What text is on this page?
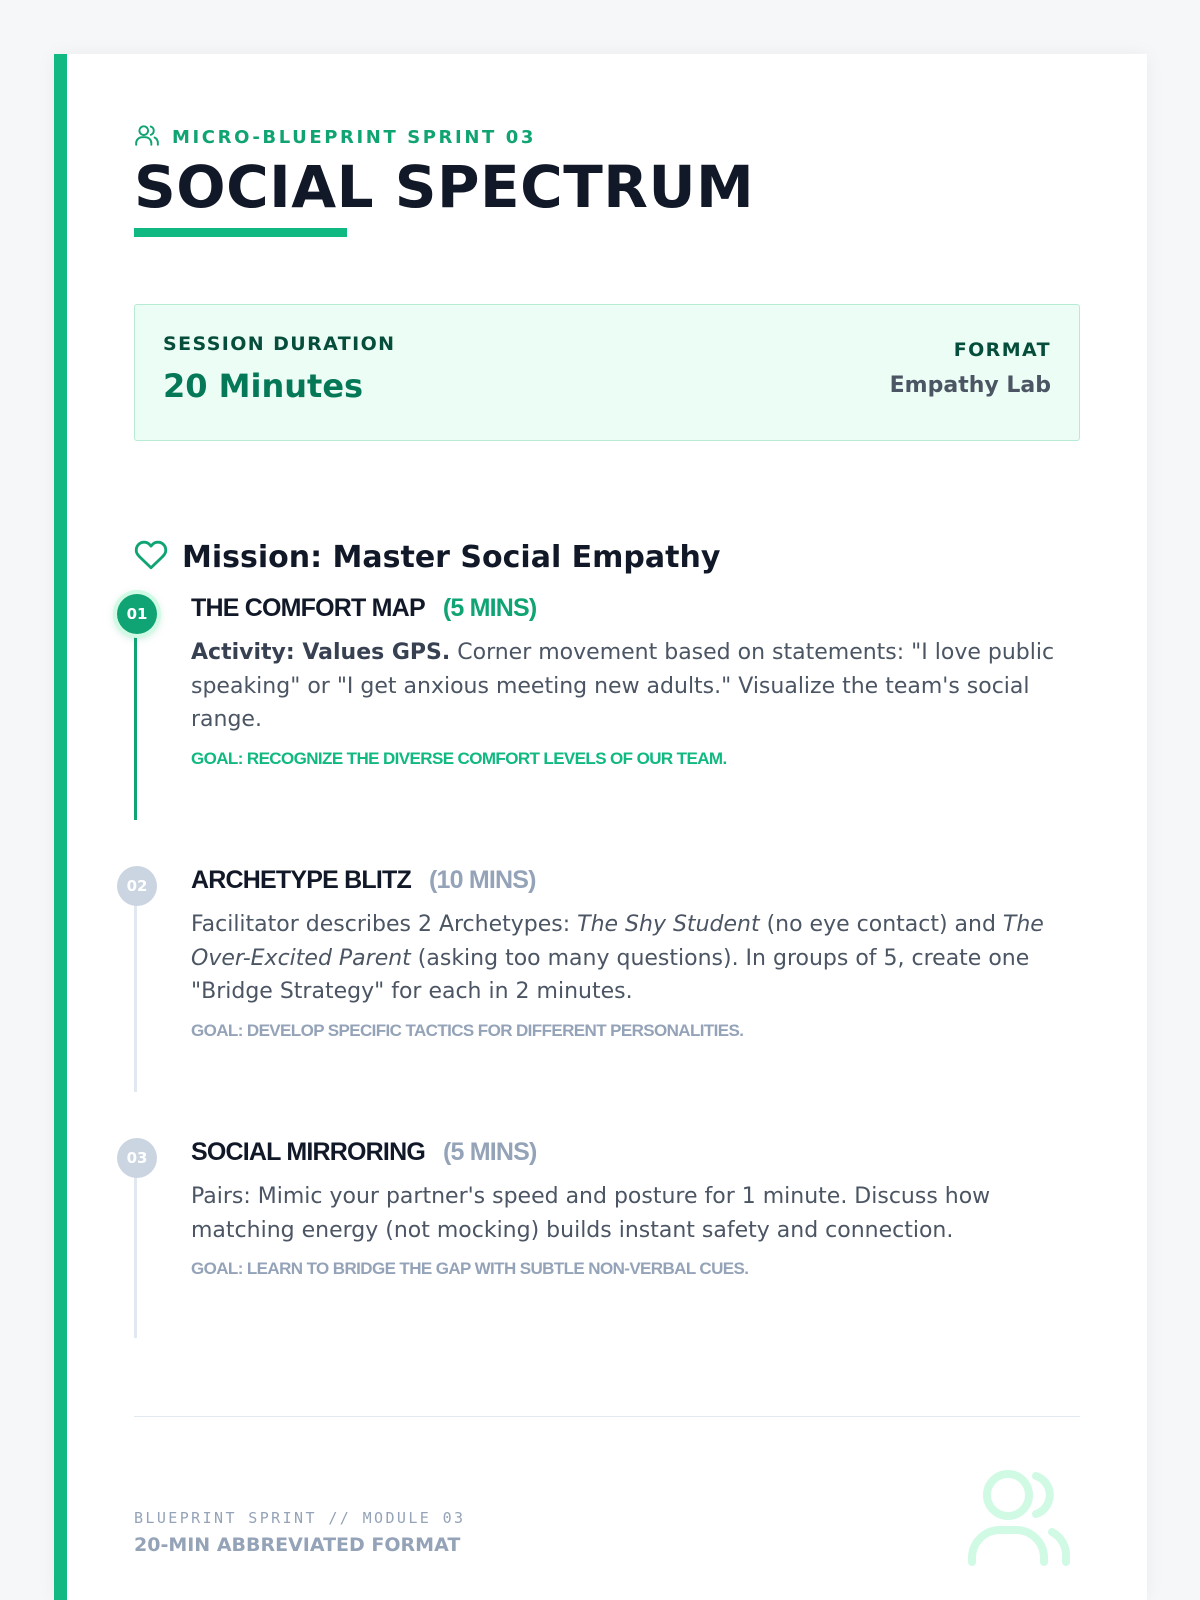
MICRO-BLUEPRINT SPRINT 03
SOCIAL SPECTRUM
SESSION DURATION
20 Minutes
FORMAT
Empathy Lab
Mission: Master Social Empathy
01	THE COMFORT MAP (5 MINS)
Activity: Values GPS. Corner movement based on statements: "I love public speaking" or "I get anxious meeting new adults." Visualize the team's social range.
GOAL: RECOGNIZE THE DIVERSE COMFORT LEVELS OF OUR TEAM.
02	ARCHETYPE BLITZ (10 MINS)
Facilitator describes 2 Archetypes: The Shy Student (no eye contact) and The Over-Excited Parent (asking too many questions). In groups of 5, create one "Bridge Strategy" for each in 2 minutes.
GOAL: DEVELOP SPECIFIC TACTICS FOR DIFFERENT PERSONALITIES.
03	SOCIAL MIRRORING (5 MINS)
Pairs: Mimic your partner's speed and posture for 1 minute. Discuss how matching energy (not mocking) builds instant safety and connection.
GOAL: LEARN TO BRIDGE THE GAP WITH SUBTLE NON-VERBAL CUES.
BLUEPRINT SPRINT // MODULE 03
20-MIN ABBREVIATED FORMAT
